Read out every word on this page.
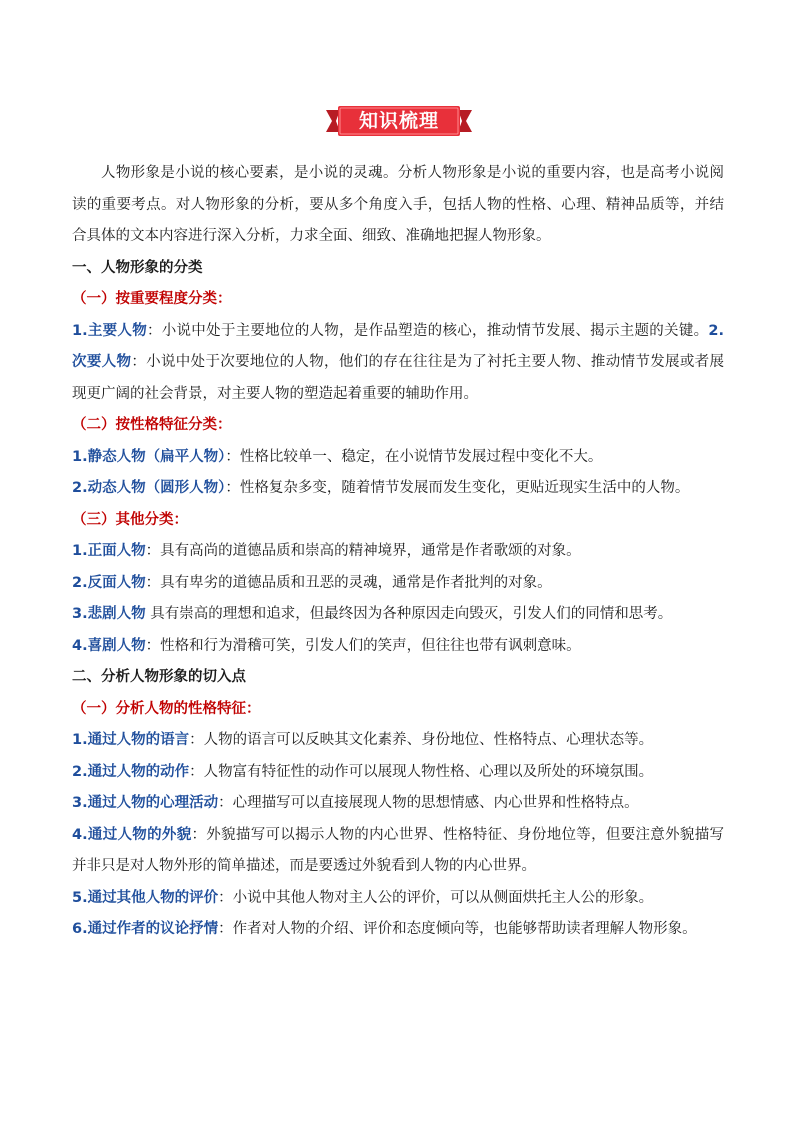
知识梳理

人物形象是小说的核心要素，是小说的灵魂。分析人物形象是小说的重要内容，也是高考小说阅读的重要考点。对人物形象的分析，要从多个角度入手，包括人物的性格、心理、精神品质等，并结合具体的文本内容进行深入分析，力求全面、细致、准确地把握人物形象。

一、人物形象的分类

（一）按重要程度分类：

1.主要人物：小说中处于主要地位的人物，是作品塑造的核心，推动情节发展、揭示主题的关键。2.次要人物：小说中处于次要地位的人物，他们的存在往往是为了衬托主要人物、推动情节发展或者展现更广阔的社会背景，对主要人物的塑造起着重要的辅助作用。

（二）按性格特征分类：

1.静态人物（扁平人物）：性格比较单一、稳定，在小说情节发展过程中变化不大。

2.动态人物（圆形人物）：性格复杂多变，随着情节发展而发生变化，更贴近现实生活中的人物。

（三）其他分类：

1.正面人物：具有高尚的道德品质和崇高的精神境界，通常是作者歌颂的对象。

2.反面人物：具有卑劣的道德品质和丑恶的灵魂，通常是作者批判的对象。

3.悲剧人物 具有崇高的理想和追求，但最终因为各种原因走向毁灭，引发人们的同情和思考。

4.喜剧人物：性格和行为滑稽可笑，引发人们的笑声，但往往也带有讽刺意味。

二、分析人物形象的切入点

（一）分析人物的性格特征：

1.通过人物的语言：人物的语言可以反映其文化素养、身份地位、性格特点、心理状态等。

2.通过人物的动作：人物富有特征性的动作可以展现人物性格、心理以及所处的环境氛围。

3.通过人物的心理活动：心理描写可以直接展现人物的思想情感、内心世界和性格特点。

4.通过人物的外貌：外貌描写可以揭示人物的内心世界、性格特征、身份地位等，但要注意外貌描写并非只是对人物外形的简单描述，而是要透过外貌看到人物的内心世界。

5.通过其他人物的评价：小说中其他人物对主人公的评价，可以从侧面烘托主人公的形象。

6.通过作者的议论抒情：作者对人物的介绍、评价和态度倾向等，也能够帮助读者理解人物形象。
